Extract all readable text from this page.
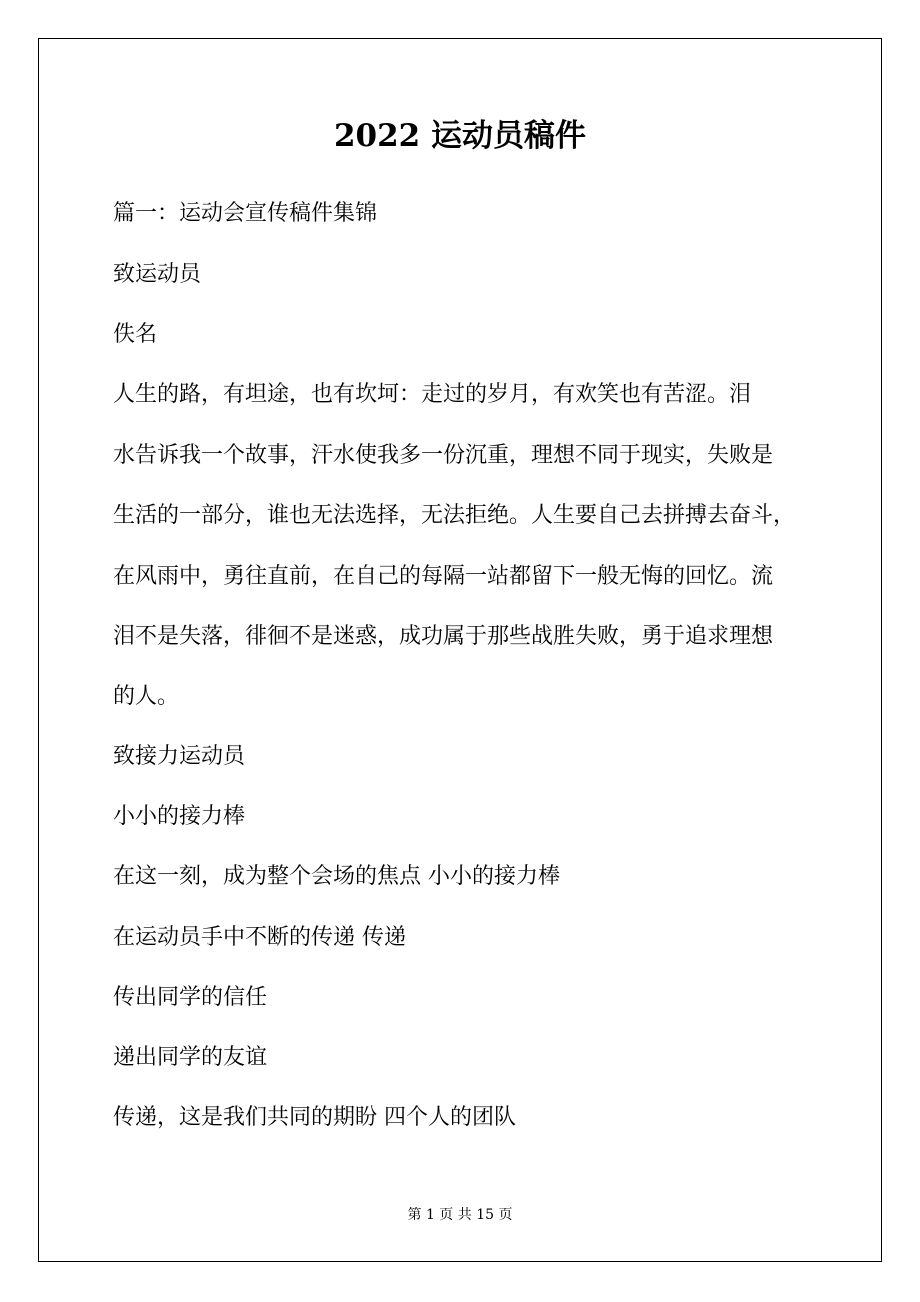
2022 运动员稿件
篇一：运动会宣传稿件集锦
致运动员
佚名
人生的路，有坦途，也有坎坷：走过的岁月，有欢笑也有苦涩。泪
水告诉我一个故事，汗水使我多一份沉重，理想不同于现实，失败是
生活的一部分，谁也无法选择，无法拒绝。人生要自己去拼搏去奋斗，
在风雨中，勇往直前，在自己的每隔一站都留下一般无悔的回忆。流
泪不是失落，徘徊不是迷惑，成功属于那些战胜失败，勇于追求理想
的人。
致接力运动员
小小的接力棒
在这一刻，成为整个会场的焦点 小小的接力棒
在运动员手中不断的传递 传递
传出同学的信任
递出同学的友谊
传递，这是我们共同的期盼 四个人的团队
第 1 页 共 15 页
